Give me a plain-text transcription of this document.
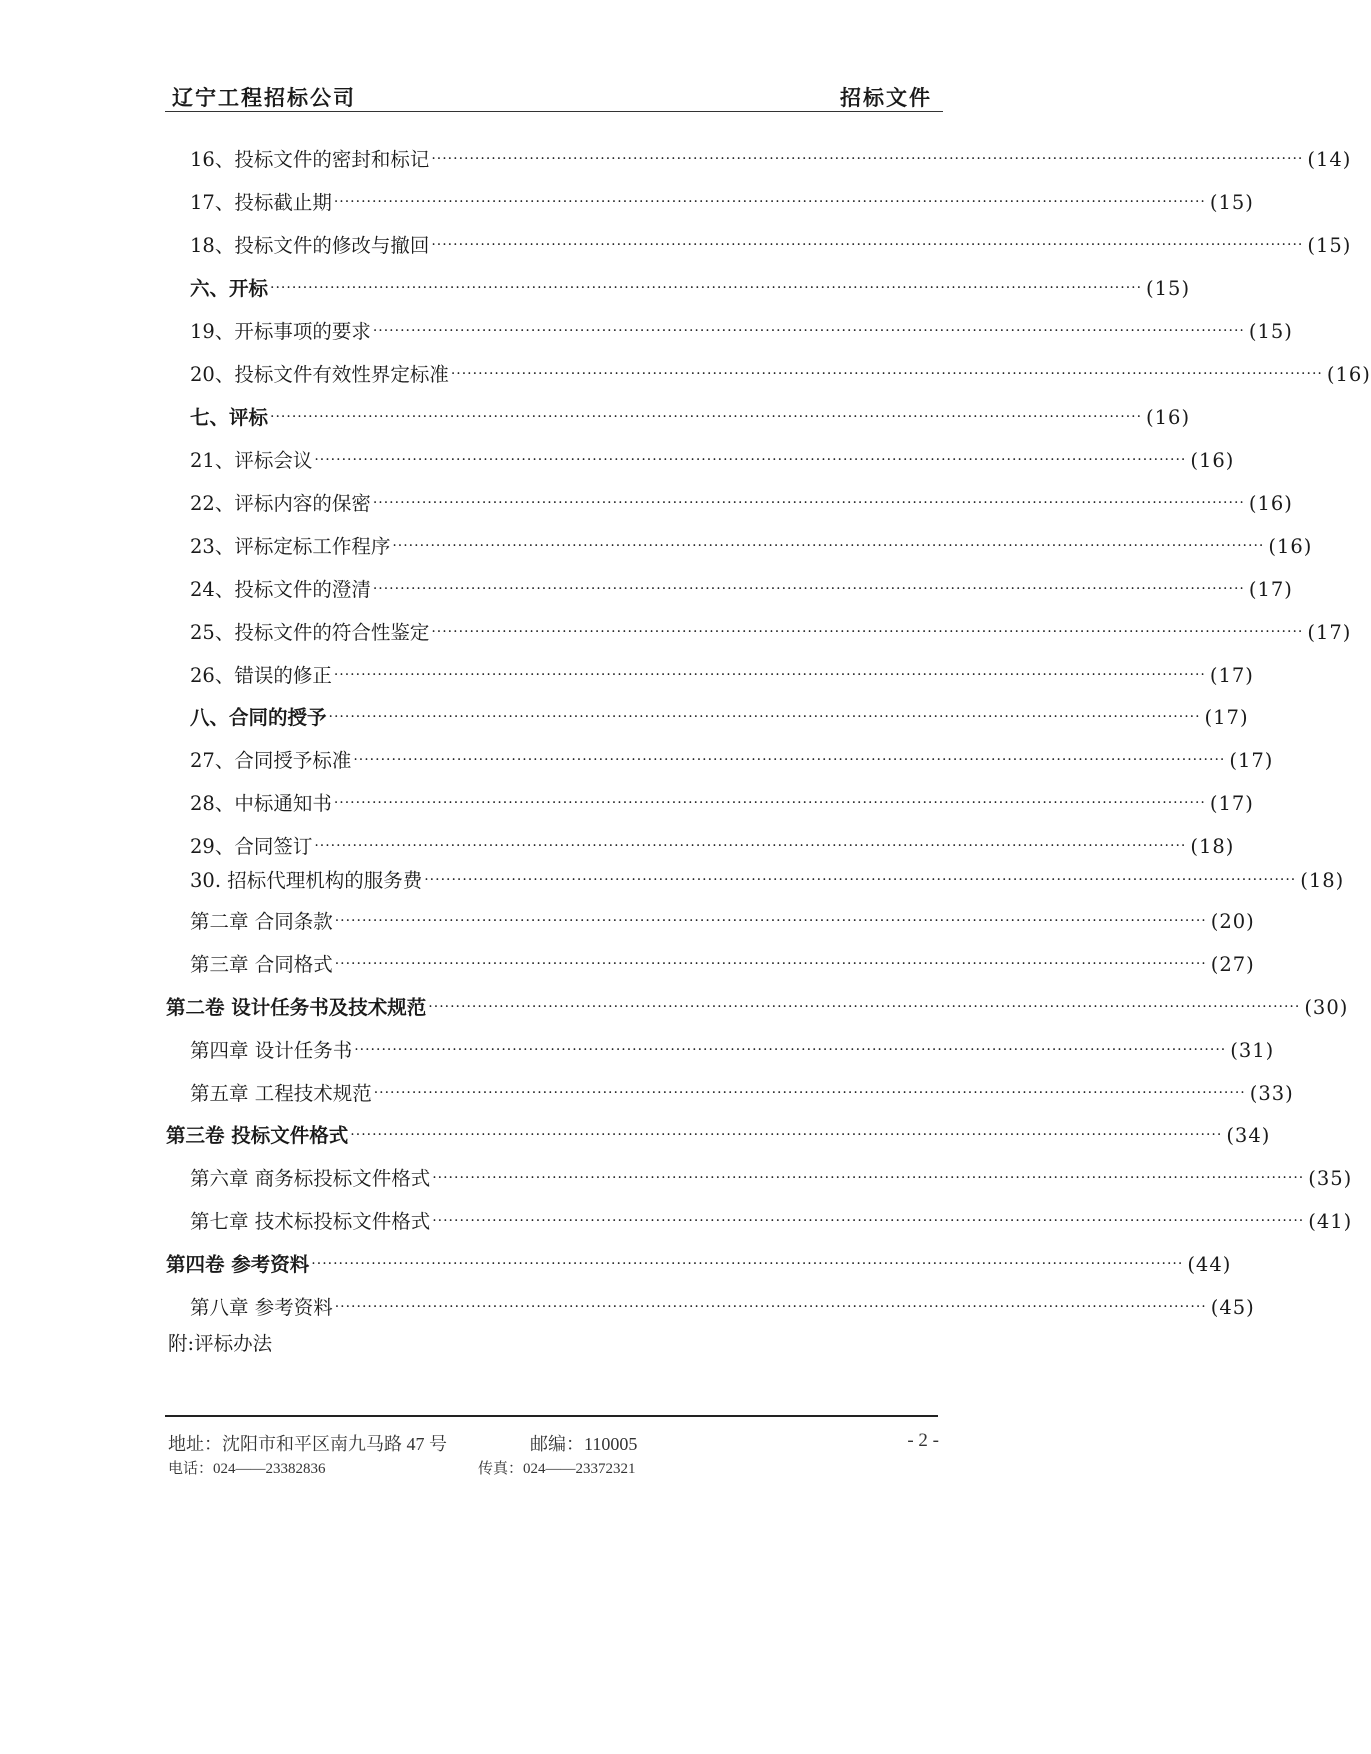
辽宁工程招标公司	招标文件
16、投标文件的密封和标记 ································································································································································ (14)
17、投标截止期 ································································································································································ (15)
18、投标文件的修改与撤回 ································································································································································ (15)
六、开标 ································································································································································ (15)
19、开标事项的要求 ································································································································································ (15)
20、投标文件有效性界定标准 ································································································································································ (16)
七、评标 ································································································································································ (16)
21、评标会议 ································································································································································ (16)
22、评标内容的保密 ································································································································································ (16)
23、评标定标工作程序 ································································································································································ (16)
24、投标文件的澄清 ································································································································································ (17)
25、投标文件的符合性鉴定 ································································································································································ (17)
26、错误的修正 ································································································································································ (17)
八、合同的授予 ································································································································································ (17)
27、合同授予标准 ································································································································································ (17)
28、中标通知书 ································································································································································ (17)
29、合同签订 ································································································································································ (18)
30. 招标代理机构的服务费 ································································································································································ (18)
第二章 合同条款 ································································································································································ (20)
第三章 合同格式 ································································································································································ (27)
第二卷 设计任务书及技术规范 ································································································································································ (30)
第四章 设计任务书 ································································································································································ (31)
第五章 工程技术规范 ································································································································································ (33)
第三卷 投标文件格式 ································································································································································ (34)
第六章 商务标投标文件格式 ································································································································································ (35)
第七章 技术标投标文件格式 ································································································································································ (41)
第四卷 参考资料 ································································································································································ (44)
第八章 参考资料 ································································································································································ (45)
附:评标办法
地址：沈阳市和平区南九马路 47 号	邮编：110005	- 2 -
电话：024——23382836	传真：024——23372321
